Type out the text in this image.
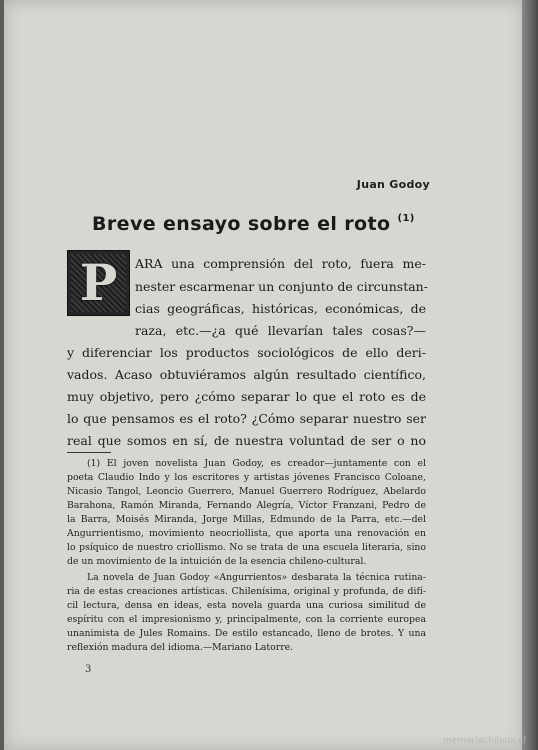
Juan Godoy
Breve ensayo sobre el roto $^{(1)}$
P ARA una comprensión del roto, fuera me-
nester escarmenar un conjunto de circunstan-
cias geográficas, históricas, económicas, de
raza, etc.—¿a qué llevarían tales cosas?—
y diferenciar los productos sociológicos de ello deri-
vados. Acaso obtuviéramos algún resultado científico,
muy objetivo, pero ¿cómo separar lo que el roto es de
lo que pensamos es el roto? ¿Cómo separar nuestro ser
real que somos en sí, de nuestra voluntad de ser o no
(1) El joven novelista Juan Godoy, es creador—juntamente con el
poeta Claudio Indo y los escritores y artistas jóvenes Francisco Coloane,
Nicasio Tangol, Leoncio Guerrero, Manuel Guerrero Rodríguez, Abelardo
Barahona, Ramón Miranda, Fernando Alegría, Víctor Franzani, Pedro de
la Barra, Moisés Miranda, Jorge Millas, Edmundo de la Parra, etc.—del
Angurrientismo, movimiento neocriollista, que aporta una renovación en
lo psíquico de nuestro criollismo. No se trata de una escuela literaria, sino
de un movimiento de la intuición de la esencia chileno-cultural.
La novela de Juan Godoy «Angurrientos» desbarata la técnica rutina-
ria de estas creaciones artísticas. Chilenísima, original y profunda, de difí-
cil lectura, densa en ideas, esta novela guarda una curiosa similitud de
espíritu con el impresionismo y, principalmente, con la corriente europea
unanimista de Jules Romains. De estilo estancado, lleno de brotes. Y una
reflexión madura del idioma.—Mariano Latorre.
3
memoriachilena.cl
